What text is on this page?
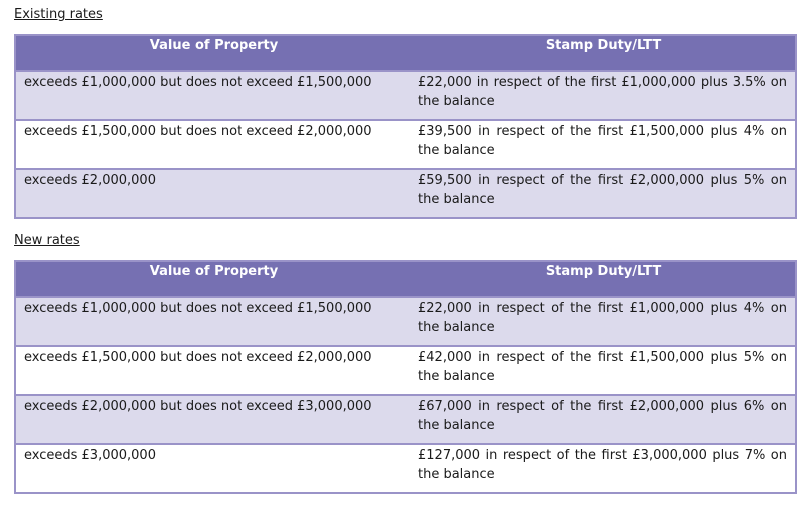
Existing rates
Value of Property	Stamp Duty/LTT
exceeds £1,000,000 but does not exceed £1,500,000	£22,000 in respect of the first £1,000,000 plus 3.5% on the balance
exceeds £1,500,000 but does not exceed £2,000,000	£39,500 in respect of the first £1,500,000 plus 4% on the balance
exceeds £2,000,000	£59,500 in respect of the first £2,000,000 plus 5% on the balance
New rates
Value of Property	Stamp Duty/LTT
exceeds £1,000,000 but does not exceed £1,500,000	£22,000 in respect of the first £1,000,000 plus 4% on the balance
exceeds £1,500,000 but does not exceed £2,000,000	£42,000 in respect of the first £1,500,000 plus 5% on the balance
exceeds £2,000,000 but does not exceed £3,000,000	£67,000 in respect of the first £2,000,000 plus 6% on the balance
exceeds £3,000,000	£127,000 in respect of the first £3,000,000 plus 7% on the balance
